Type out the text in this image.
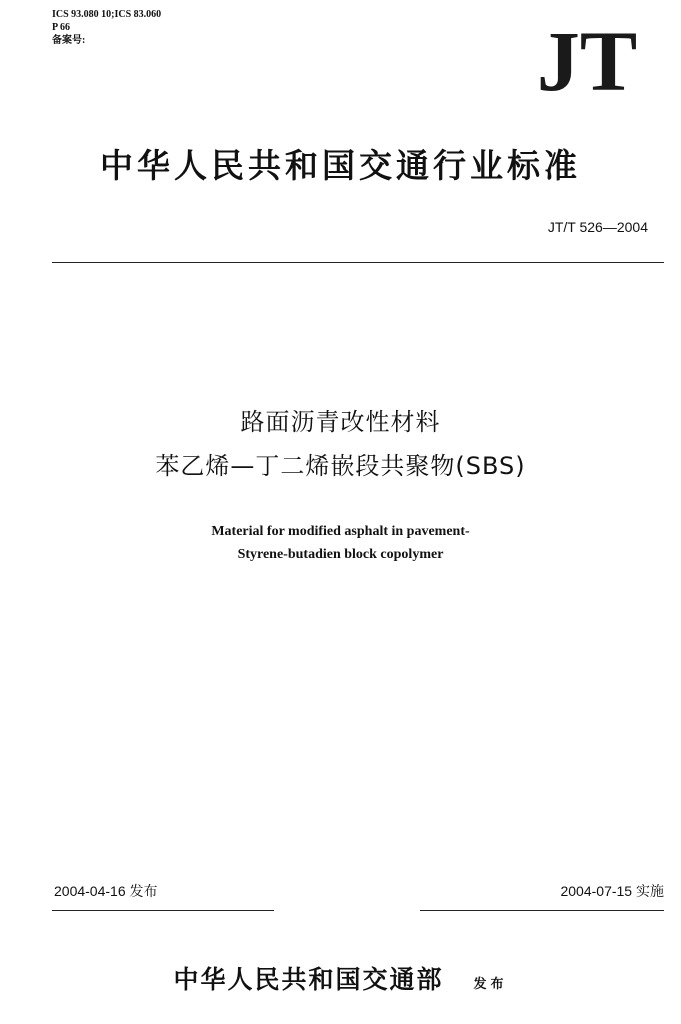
ICS 93.080 10;ICS 83.060
P 66
备案号:	JT
中华人民共和国交通行业标准
JT/T 526—2004
路面沥青改性材料
苯乙烯—丁二烯嵌段共聚物(SBS)
Material for modified asphalt in pavement-
Styrene-butadien block copolymer
2004-04-16 发布	2004-07-15 实施
中华人民共和国交通部 发布
